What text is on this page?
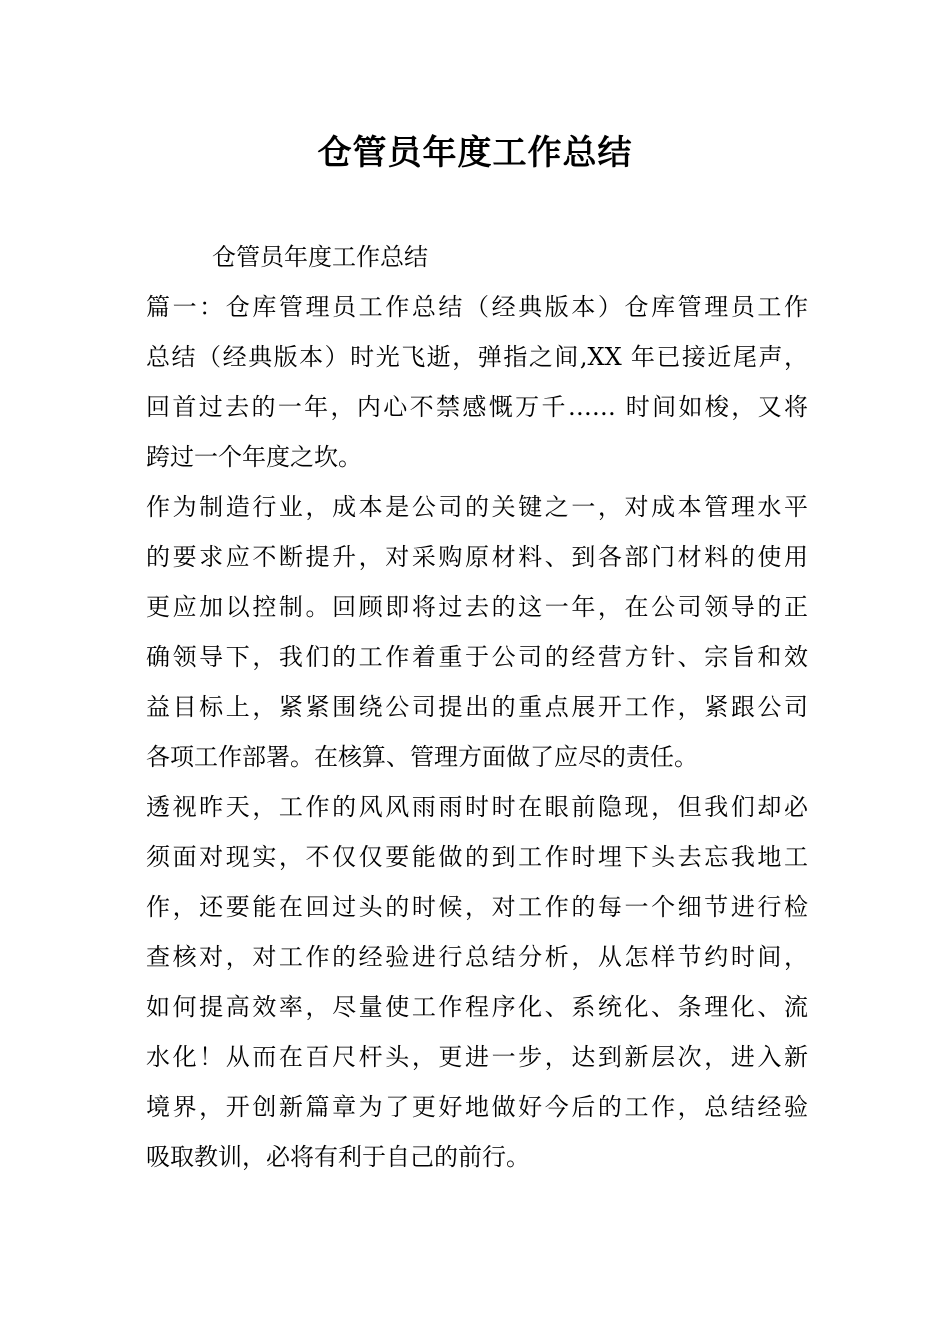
仓管员年度工作总结
仓管员年度工作总结
篇一：仓库管理员工作总结（经典版本）仓库管理员工作
总结（经典版本）时光飞逝，弹指之间,XX 年已接近尾声，
回首过去的一年，内心不禁感慨万千…… 时间如梭，又将
跨过一个年度之坎。
作为制造行业，成本是公司的关键之一，对成本管理水平
的要求应不断提升，对采购原材料、到各部门材料的使用
更应加以控制。回顾即将过去的这一年，在公司领导的正
确领导下，我们的工作着重于公司的经营方针、宗旨和效
益目标上，紧紧围绕公司提出的重点展开工作，紧跟公司
各项工作部署。在核算、管理方面做了应尽的责任。
透视昨天，工作的风风雨雨时时在眼前隐现，但我们却必
须面对现实，不仅仅要能做的到工作时埋下头去忘我地工
作，还要能在回过头的时候，对工作的每一个细节进行检
查核对，对工作的经验进行总结分析，从怎样节约时间，
如何提高效率，尽量使工作程序化、系统化、条理化、流
水化！从而在百尺杆头，更进一步，达到新层次，进入新
境界，开创新篇章为了更好地做好今后的工作，总结经验
吸取教训，必将有利于自己的前行。
